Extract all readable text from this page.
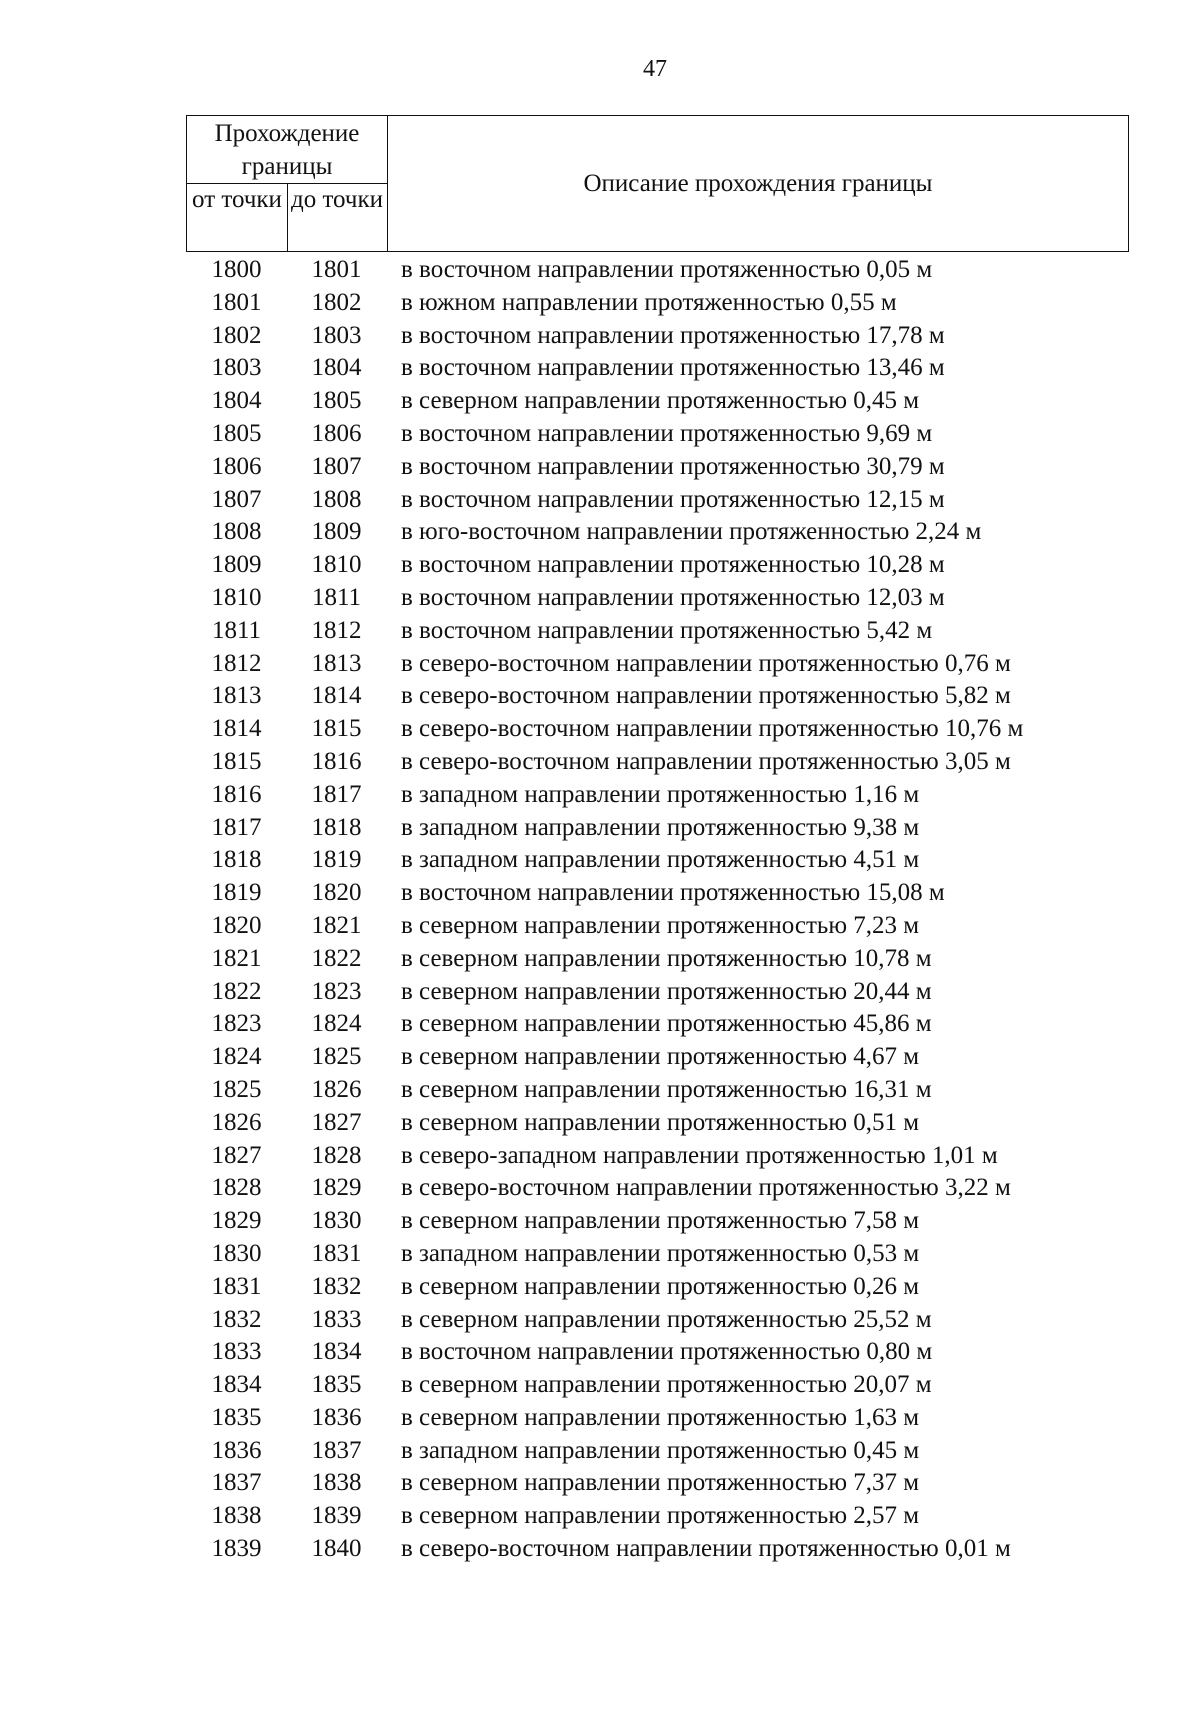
47
Прохождение границы
от точки до точки
Описание прохождения границы
1800	1801	в восточном направлении протяженностью 0,05 м
1801	1802	в южном направлении протяженностью 0,55 м
1802	1803	в восточном направлении протяженностью 17,78 м
1803	1804	в восточном направлении протяженностью 13,46 м
1804	1805	в северном направлении протяженностью 0,45 м
1805	1806	в восточном направлении протяженностью 9,69 м
1806	1807	в восточном направлении протяженностью 30,79 м
1807	1808	в восточном направлении протяженностью 12,15 м
1808	1809	в юго-восточном направлении протяженностью 2,24 м
1809	1810	в восточном направлении протяженностью 10,28 м
1810	1811	в восточном направлении протяженностью 12,03 м
1811	1812	в восточном направлении протяженностью 5,42 м
1812	1813	в северо-восточном направлении протяженностью 0,76 м
1813	1814	в северо-восточном направлении протяженностью 5,82 м
1814	1815	в северо-восточном направлении протяженностью 10,76 м
1815	1816	в северо-восточном направлении протяженностью 3,05 м
1816	1817	в западном направлении протяженностью 1,16 м
1817	1818	в западном направлении протяженностью 9,38 м
1818	1819	в западном направлении протяженностью 4,51 м
1819	1820	в восточном направлении протяженностью 15,08 м
1820	1821	в северном направлении протяженностью 7,23 м
1821	1822	в северном направлении протяженностью 10,78 м
1822	1823	в северном направлении протяженностью 20,44 м
1823	1824	в северном направлении протяженностью 45,86 м
1824	1825	в северном направлении протяженностью 4,67 м
1825	1826	в северном направлении протяженностью 16,31 м
1826	1827	в северном направлении протяженностью 0,51 м
1827	1828	в северо-западном направлении протяженностью 1,01 м
1828	1829	в северо-восточном направлении протяженностью 3,22 м
1829	1830	в северном направлении протяженностью 7,58 м
1830	1831	в западном направлении протяженностью 0,53 м
1831	1832	в северном направлении протяженностью 0,26 м
1832	1833	в северном направлении протяженностью 25,52 м
1833	1834	в восточном направлении протяженностью 0,80 м
1834	1835	в северном направлении протяженностью 20,07 м
1835	1836	в северном направлении протяженностью 1,63 м
1836	1837	в западном направлении протяженностью 0,45 м
1837	1838	в северном направлении протяженностью 7,37 м
1838	1839	в северном направлении протяженностью 2,57 м
1839	1840	в северо-восточном направлении протяженностью 0,01 м
